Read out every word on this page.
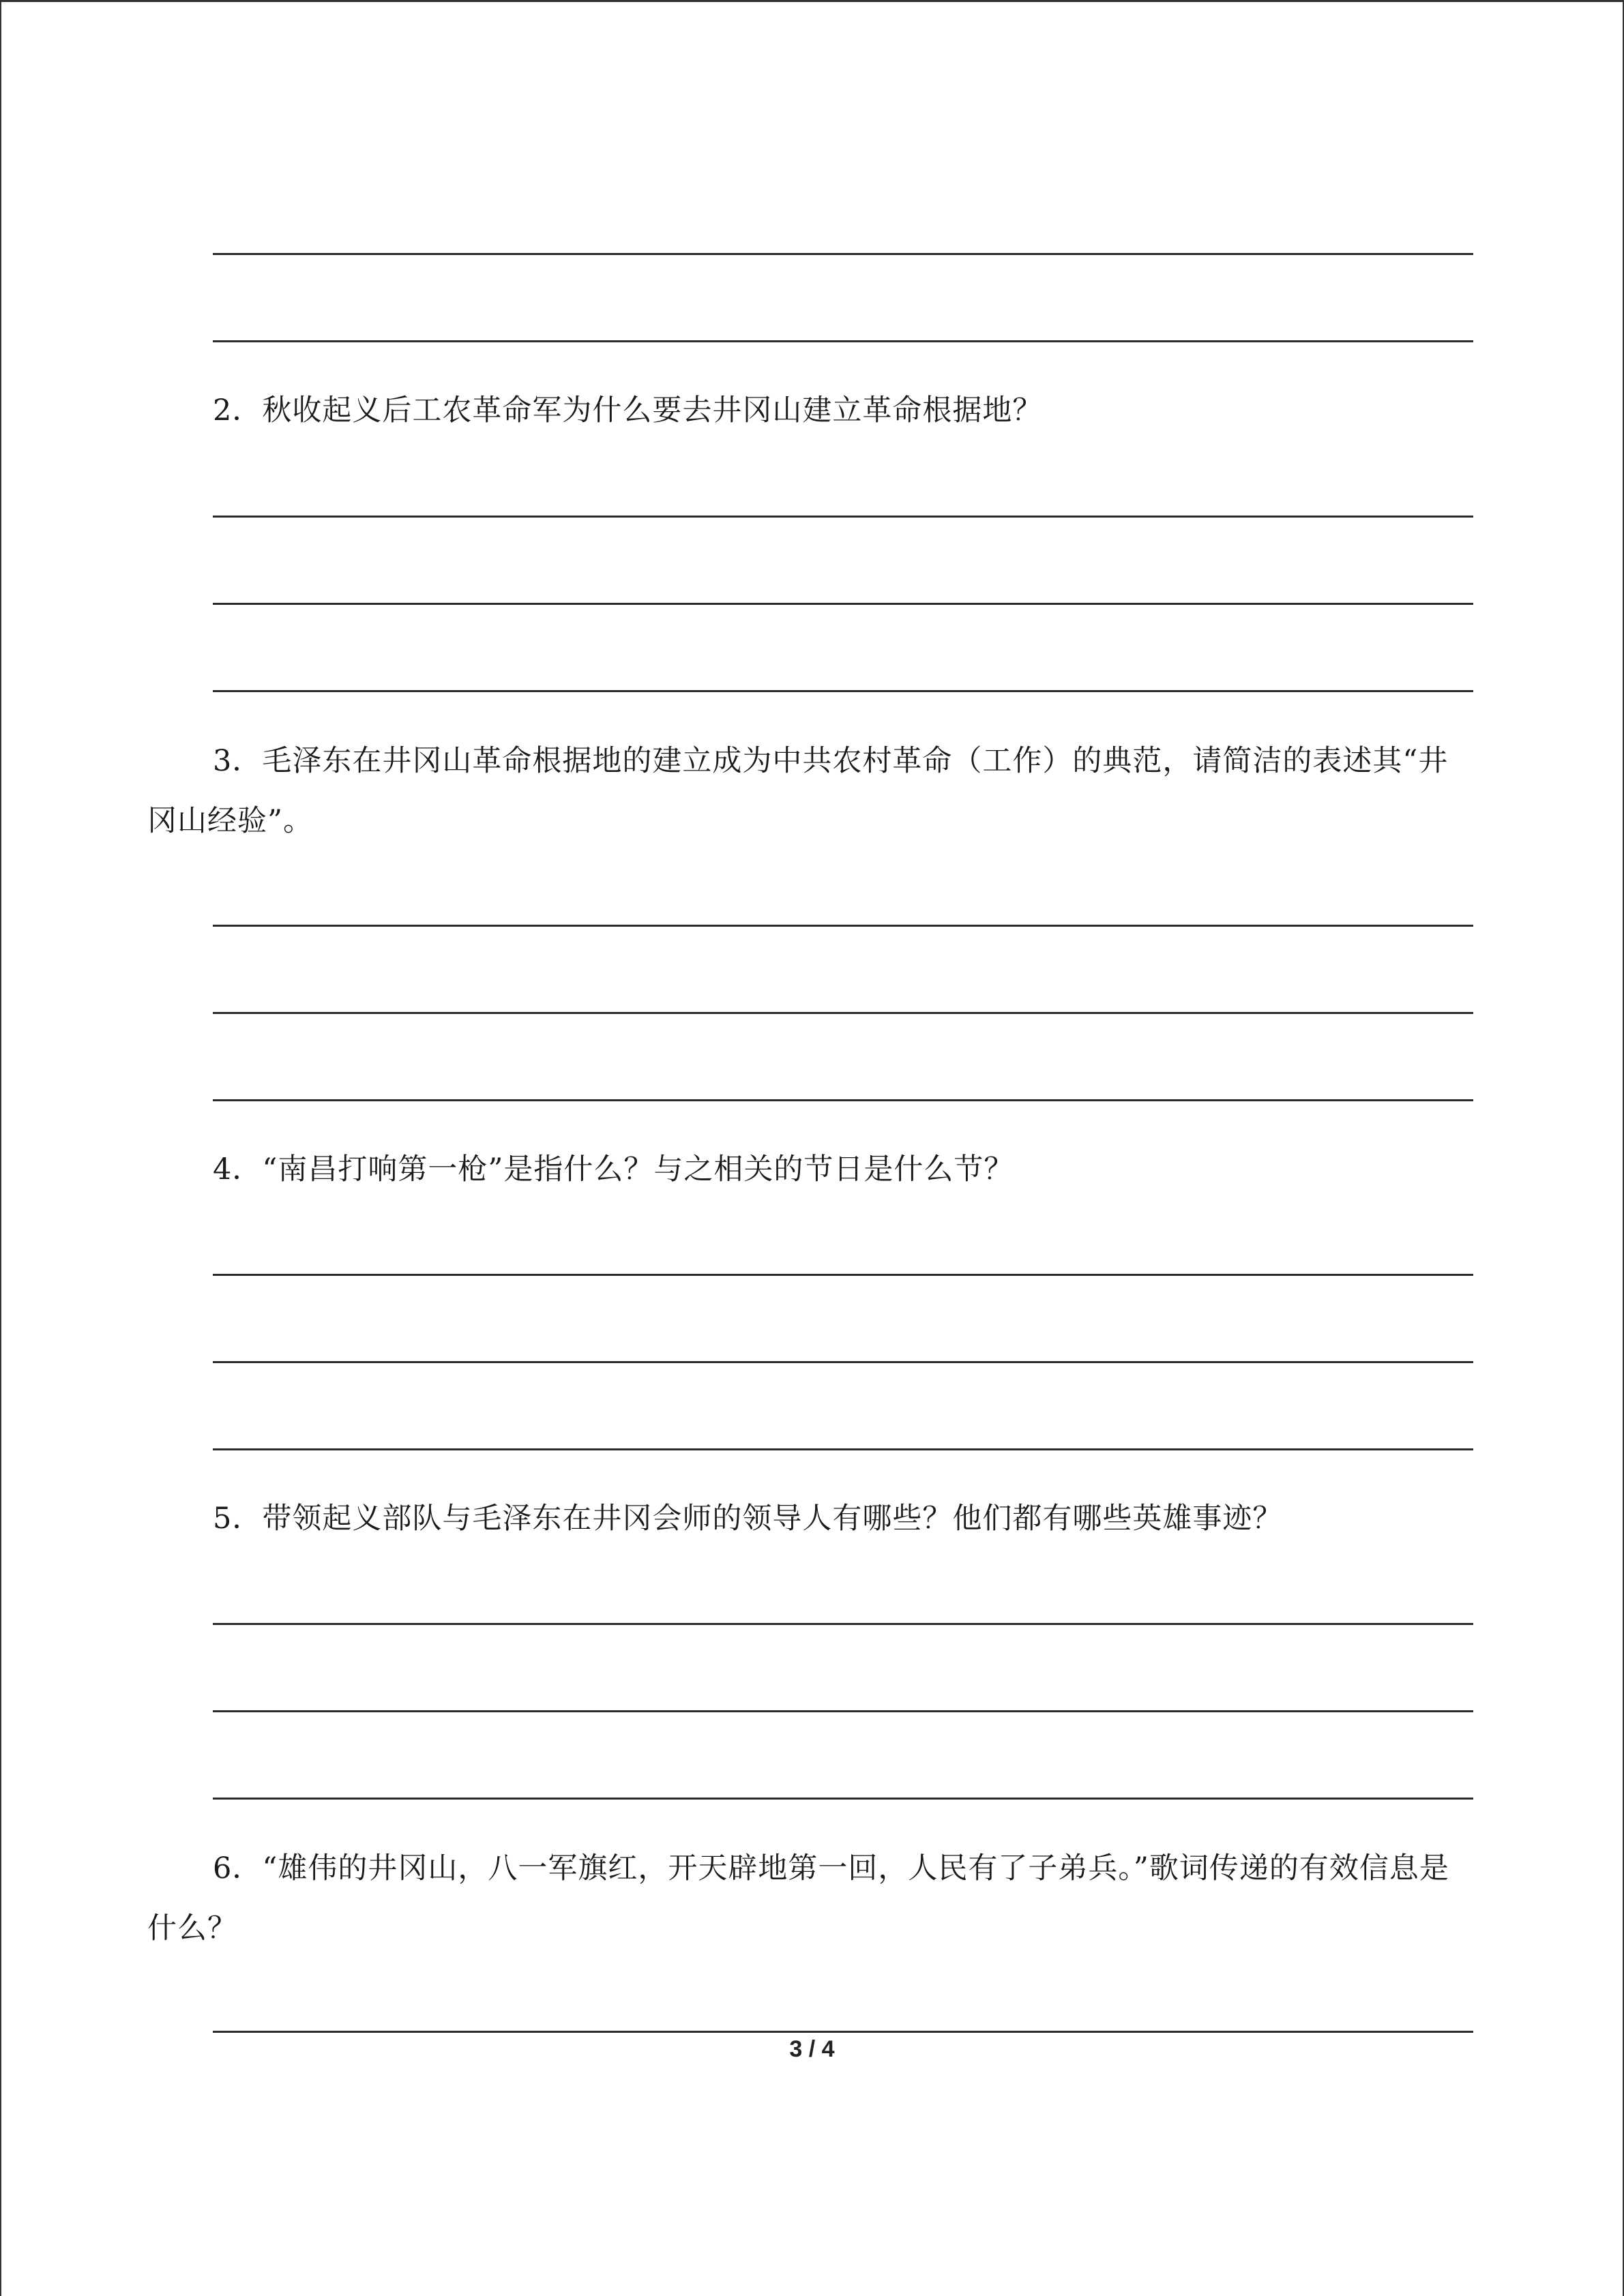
2．秋收起义后工农革命军为什么要去井冈山建立革命根据地？
3．毛泽东在井冈山革命根据地的建立成为中共农村革命（工作）的典范，请简洁的表述其“井冈山经验”。
4．“南昌打响第一枪”是指什么？与之相关的节日是什么节？
5．带领起义部队与毛泽东在井冈会师的领导人有哪些？他们都有哪些英雄事迹？
6．“雄伟的井冈山，八一军旗红，开天辟地第一回，人民有了子弟兵。”歌词传递的有效信息是什么？
3 / 4
